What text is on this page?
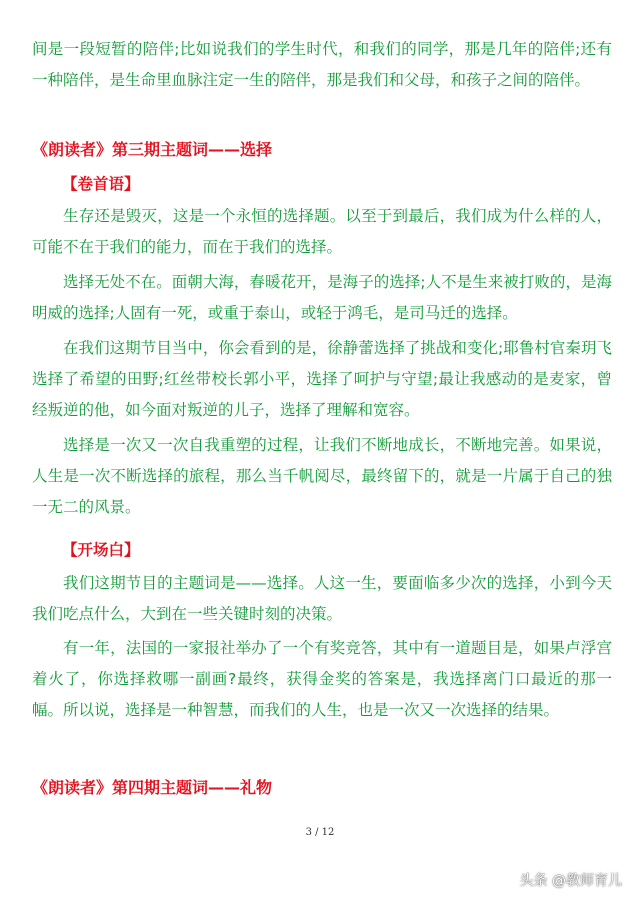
间是一段短暂的陪伴;比如说我们的学生时代，和我们的同学，那是几年的陪伴;还有一种陪伴，是生命里血脉注定一生的陪伴，那是我们和父母，和孩子之间的陪伴。

《朗读者》第三期主题词——选择
【卷首语】

生存还是毁灭，这是一个永恒的选择题。以至于到最后，我们成为什么样的人，可能不在于我们的能力，而在于我们的选择。

选择无处不在。面朝大海，春暖花开，是海子的选择;人不是生来被打败的，是海明威的选择;人固有一死，或重于泰山，或轻于鸿毛，是司马迁的选择。

在我们这期节目当中，你会看到的是，徐静蕾选择了挑战和变化;耶鲁村官秦玥飞选择了希望的田野;红丝带校长郭小平，选择了呵护与守望;最让我感动的是麦家，曾经叛逆的他，如今面对叛逆的儿子，选择了理解和宽容。

选择是一次又一次自我重塑的过程，让我们不断地成长，不断地完善。如果说，人生是一次不断选择的旅程，那么当千帆阅尽，最终留下的，就是一片属于自己的独一无二的风景。

【开场白】

我们这期节目的主题词是——选择。人这一生，要面临多少次的选择，小到今天我们吃点什么，大到在一些关键时刻的决策。

有一年，法国的一家报社举办了一个有奖竞答，其中有一道题目是，如果卢浮宫着火了，你选择救哪一副画?最终，获得金奖的答案是，我选择离门口最近的那一幅。所以说，选择是一种智慧，而我们的人生，也是一次又一次选择的结果。

《朗读者》第四期主题词——礼物
3 / 12
头条 @教师育儿
